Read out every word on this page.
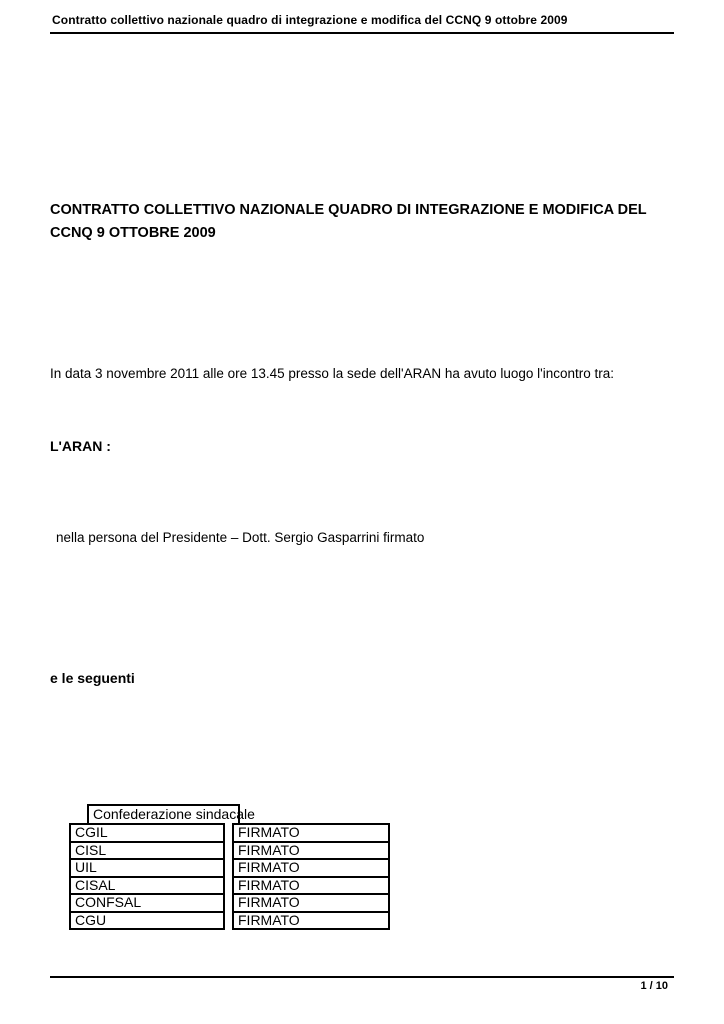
Contratto collettivo nazionale quadro di integrazione e modifica del CCNQ 9 ottobre 2009
CONTRATTO COLLETTIVO NAZIONALE QUADRO DI INTEGRAZIONE E MODIFICA DEL
CCNQ 9 OTTOBRE 2009
In data 3 novembre 2011 alle ore 13.45 presso la sede dell'ARAN ha avuto luogo l'incontro tra:
L'ARAN :
nella persona del Presidente – Dott. Sergio Gasparrini firmato
e le seguenti
Confederazione sindacale
CGIL
CISL
UIL
CISAL
CONFSAL
CGU
FIRMATO
FIRMATO
FIRMATO
FIRMATO
FIRMATO
FIRMATO
1 / 10
